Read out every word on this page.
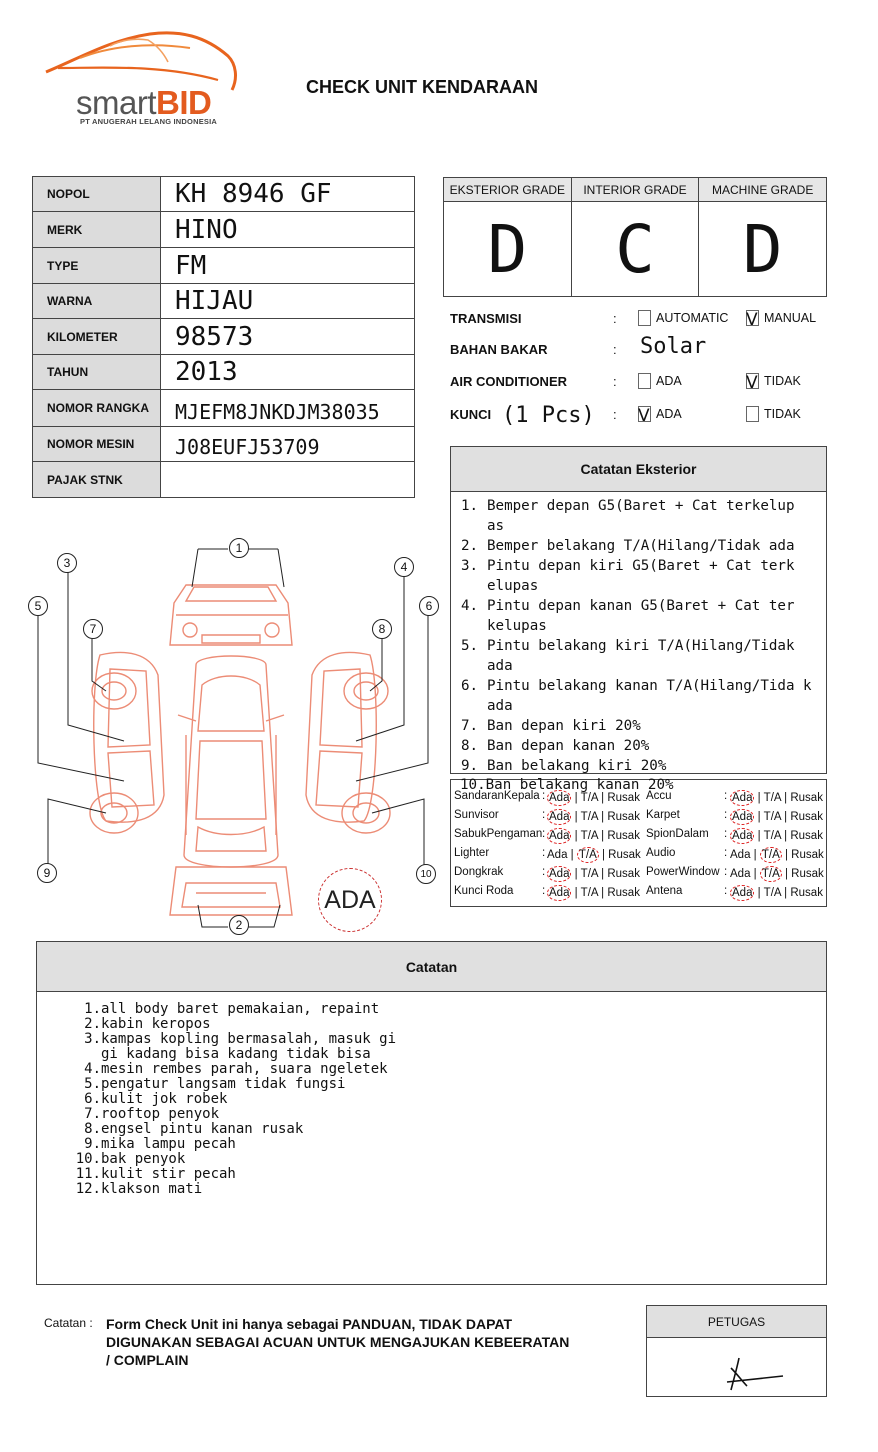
smartBID
PT ANUGERAH LELANG INDONESIA
CHECK UNIT KENDARAAN
NOPOL	KH 8946 GF
MERK	HINO
TYPE	FM
WARNA	HIJAU
KILOMETER	98573
TAHUN	2013
NOMOR RANGKA	MJEFM8JNKDJM38035
NOMOR MESIN	J08EUFJ53709
PAJAK STNK
EKSTERIOR GRADE
D
INTERIOR GRADE
C
MACHINE GRADE
D
TRANSMISI	:	AUTOMATIC V MANUAL
BAHAN BAKAR	: Solar
AIR CONDITIONER	:	ADA	V TIDAK
KUNCI (1 Pcs) : V ADA	TIDAK
Catatan Eksterior
1. Bemper depan G5(Baret + Cat terkelup as
2. Bemper belakang T/A(Hilang/Tidak ada
3. Pintu depan kiri G5(Baret + Cat terk elupas
4. Pintu depan kanan G5(Baret + Cat ter kelupas
5. Pintu belakang kiri T/A(Hilang/Tidak ada
6. Pintu belakang kanan T/A(Hilang/Tida k ada
7. Ban depan kiri 20%
8. Ban depan kanan 20%
9. Ban belakang kiri 20%
SandaranKepala : Ada | T/A | Rusak
Sunvisor	: Ada | T/A | Rusak
SabukPengaman : Ada | T/A | Rusak
Lighter	: Ada | T/A | Rusak
Dongkrak	: Ada | T/A | Rusak
Kunci Roda : Ada | T/A | Rusak
Accu	: Ada | T/A | Rusak
Karpet	: Ada | T/A | Rusak
SpionDalam : Ada | T/A | Rusak
Audio	: Ada | T/A | Rusak
PowerWindow : Ada | T/A | Rusak
Antena	: Ada | T/A | Rusak
10.Ban belakang kanan 20%
1
2
3	4
5	6
7	8
9	10
ADA
Catatan
1. all body baret pemakaian, repaint
2. kabin keropos
3. kampas kopling bermasalah, masuk gi
gi kadang bisa kadang tidak bisa
4. mesin rembes parah, suara ngeletek
5. pengatur langsam tidak fungsi
6. kulit jok robek
7. rooftop penyok
8. engsel pintu kanan rusak
9. mika lampu pecah
10. bak penyok
11. kulit stir pecah
12. klakson mati
Catatan : Form Check Unit ini hanya sebagai PANDUAN, TIDAK DAPAT DIGUNAKAN SEBAGAI ACUAN UNTUK MENGAJUKAN KEBEERATAN / COMPLAIN
PETUGAS
